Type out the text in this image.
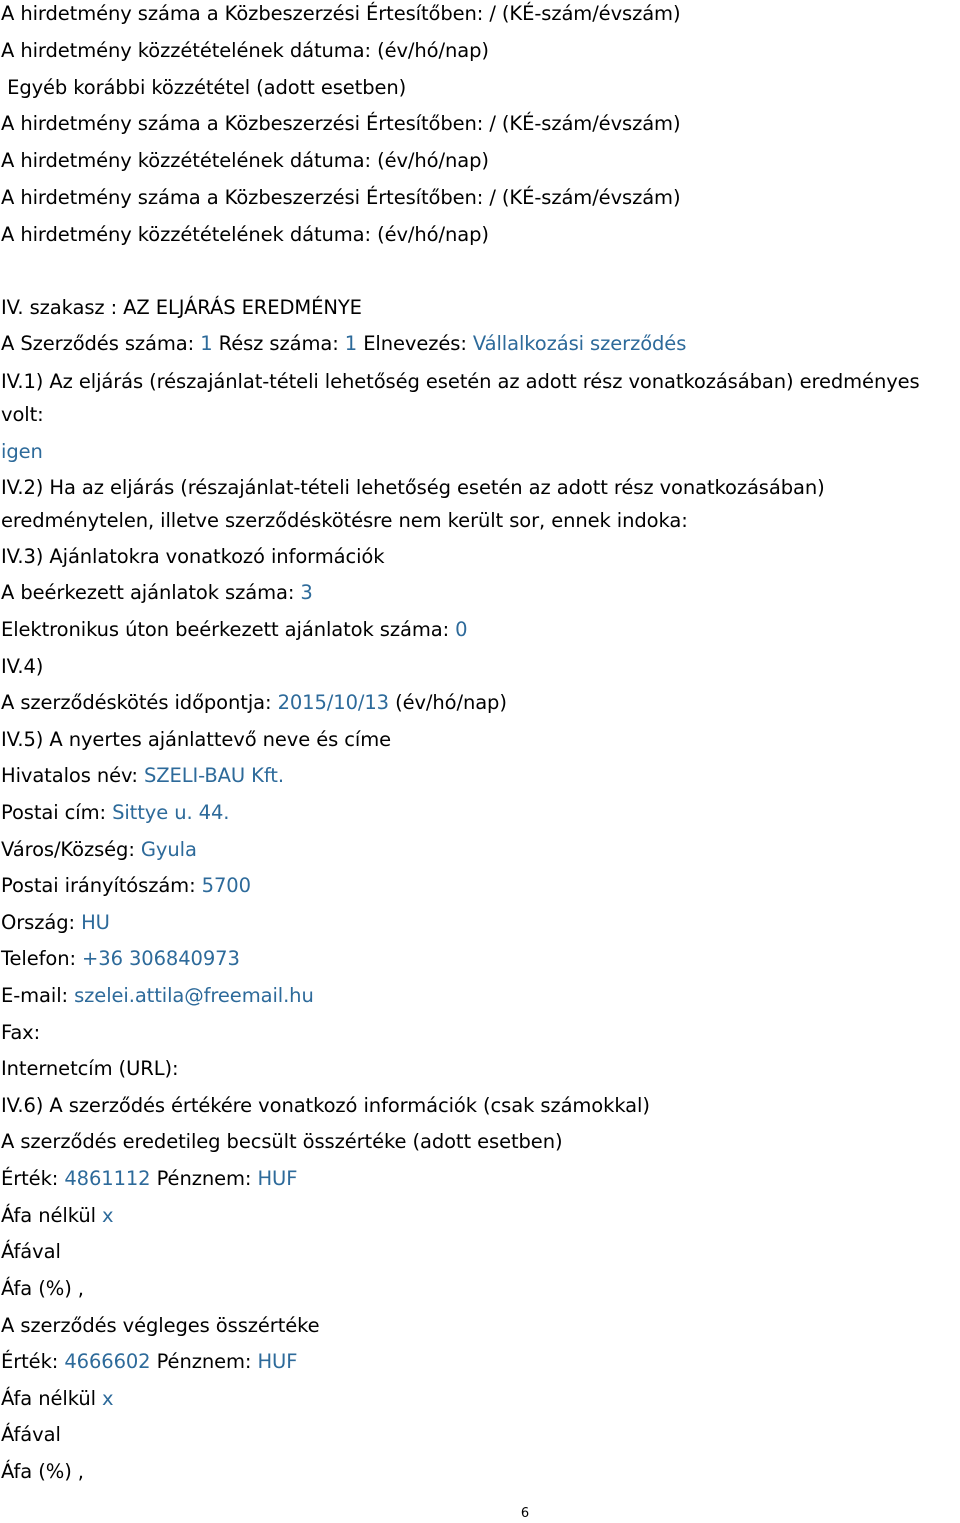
A hirdetmény száma a Közbeszerzési Értesítőben: / (KÉ-szám/évszám)
A hirdetmény közzétételének dátuma: (év/hó/nap)
Egyéb korábbi közzététel (adott esetben)
A hirdetmény száma a Közbeszerzési Értesítőben: / (KÉ-szám/évszám)
A hirdetmény közzétételének dátuma: (év/hó/nap)
A hirdetmény száma a Közbeszerzési Értesítőben: / (KÉ-szám/évszám)
A hirdetmény közzétételének dátuma: (év/hó/nap)
IV. szakasz : AZ ELJÁRÁS EREDMÉNYE
A Szerződés száma: 1 Rész száma: 1 Elnevezés: Vállalkozási szerződés
IV.1) Az eljárás (részajánlat-tételi lehetőség esetén az adott rész vonatkozásában) eredményes
volt:
igen
IV.2) Ha az eljárás (részajánlat-tételi lehetőség esetén az adott rész vonatkozásában)
eredménytelen, illetve szerződéskötésre nem került sor, ennek indoka:
IV.3) Ajánlatokra vonatkozó információk
A beérkezett ajánlatok száma: 3
Elektronikus úton beérkezett ajánlatok száma: 0
IV.4)
A szerződéskötés időpontja: 2015/10/13 (év/hó/nap)
IV.5) A nyertes ajánlattevő neve és címe
Hivatalos név: SZELI-BAU Kft.
Postai cím: Sittye u. 44.
Város/Község: Gyula
Postai irányítószám: 5700
Ország: HU
Telefon: +36 306840973
E-mail: szelei.attila@freemail.hu
Fax:
Internetcím (URL):
IV.6) A szerződés értékére vonatkozó információk (csak számokkal)
A szerződés eredetileg becsült összértéke (adott esetben)
Érték: 4861112 Pénznem: HUF
Áfa nélkül x
Áfával
Áfa (%) ,
A szerződés végleges összértéke
Érték: 4666602 Pénznem: HUF
Áfa nélkül x
Áfával
Áfa (%) ,
6
